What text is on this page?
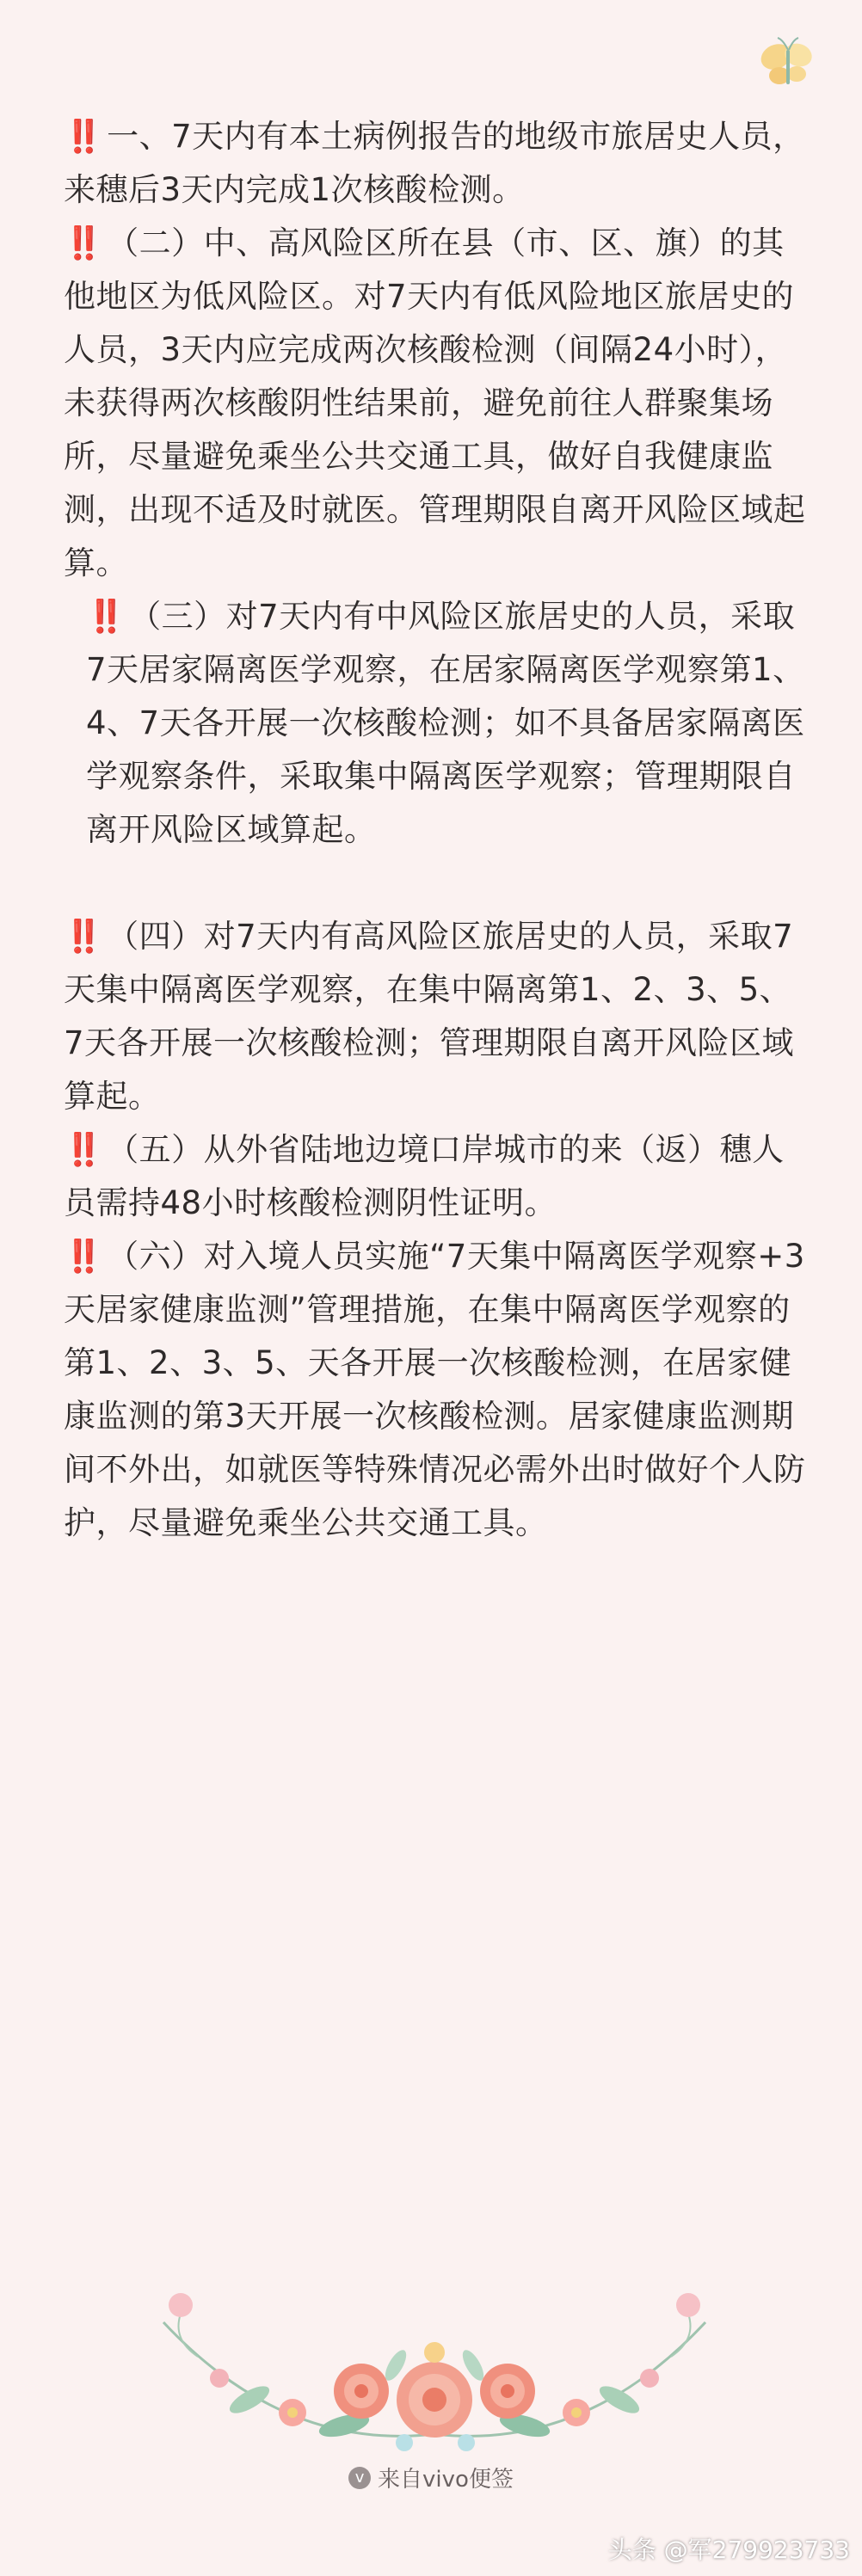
‼️ 一、7天内有本土病例报告的地级市旅居史人员，来穗后3天内完成1次核酸检测。

‼️ （二）中、高风险区所在县（市、区、旗）的其他地区为低风险区。对7天内有低风险地区旅居史的人员，3天内应完成两次核酸检测（间隔24小时），未获得两次核酸阴性结果前，避免前往人群聚集场所，尽量避免乘坐公共交通工具，做好自我健康监测，出现不适及时就医。管理期限自离开风险区域起算。

‼️ （三）对7天内有中风险区旅居史的人员，采取7天居家隔离医学观察，在居家隔离医学观察第1、4、7天各开展一次核酸检测；如不具备居家隔离医学观察条件，采取集中隔离医学观察；管理期限自离开风险区域算起。

‼️ （四）对7天内有高风险区旅居史的人员，采取7天集中隔离医学观察，在集中隔离第1、2、3、5、7天各开展一次核酸检测；管理期限自离开风险区域算起。

‼️ （五）从外省陆地边境口岸城市的来（返）穗人员需持48小时核酸检测阴性证明。

‼️ （六）对入境人员实施“7天集中隔离医学观察+3天居家健康监测”管理措施，在集中隔离医学观察的第1、2、3、5、天各开展一次核酸检测，在居家健康监测的第3天开展一次核酸检测。居家健康监测期间不外出，如就医等特殊情况必需外出时做好个人防护，尽量避免乘坐公共交通工具。

v 来自vivo便签
头条 @军279923733
